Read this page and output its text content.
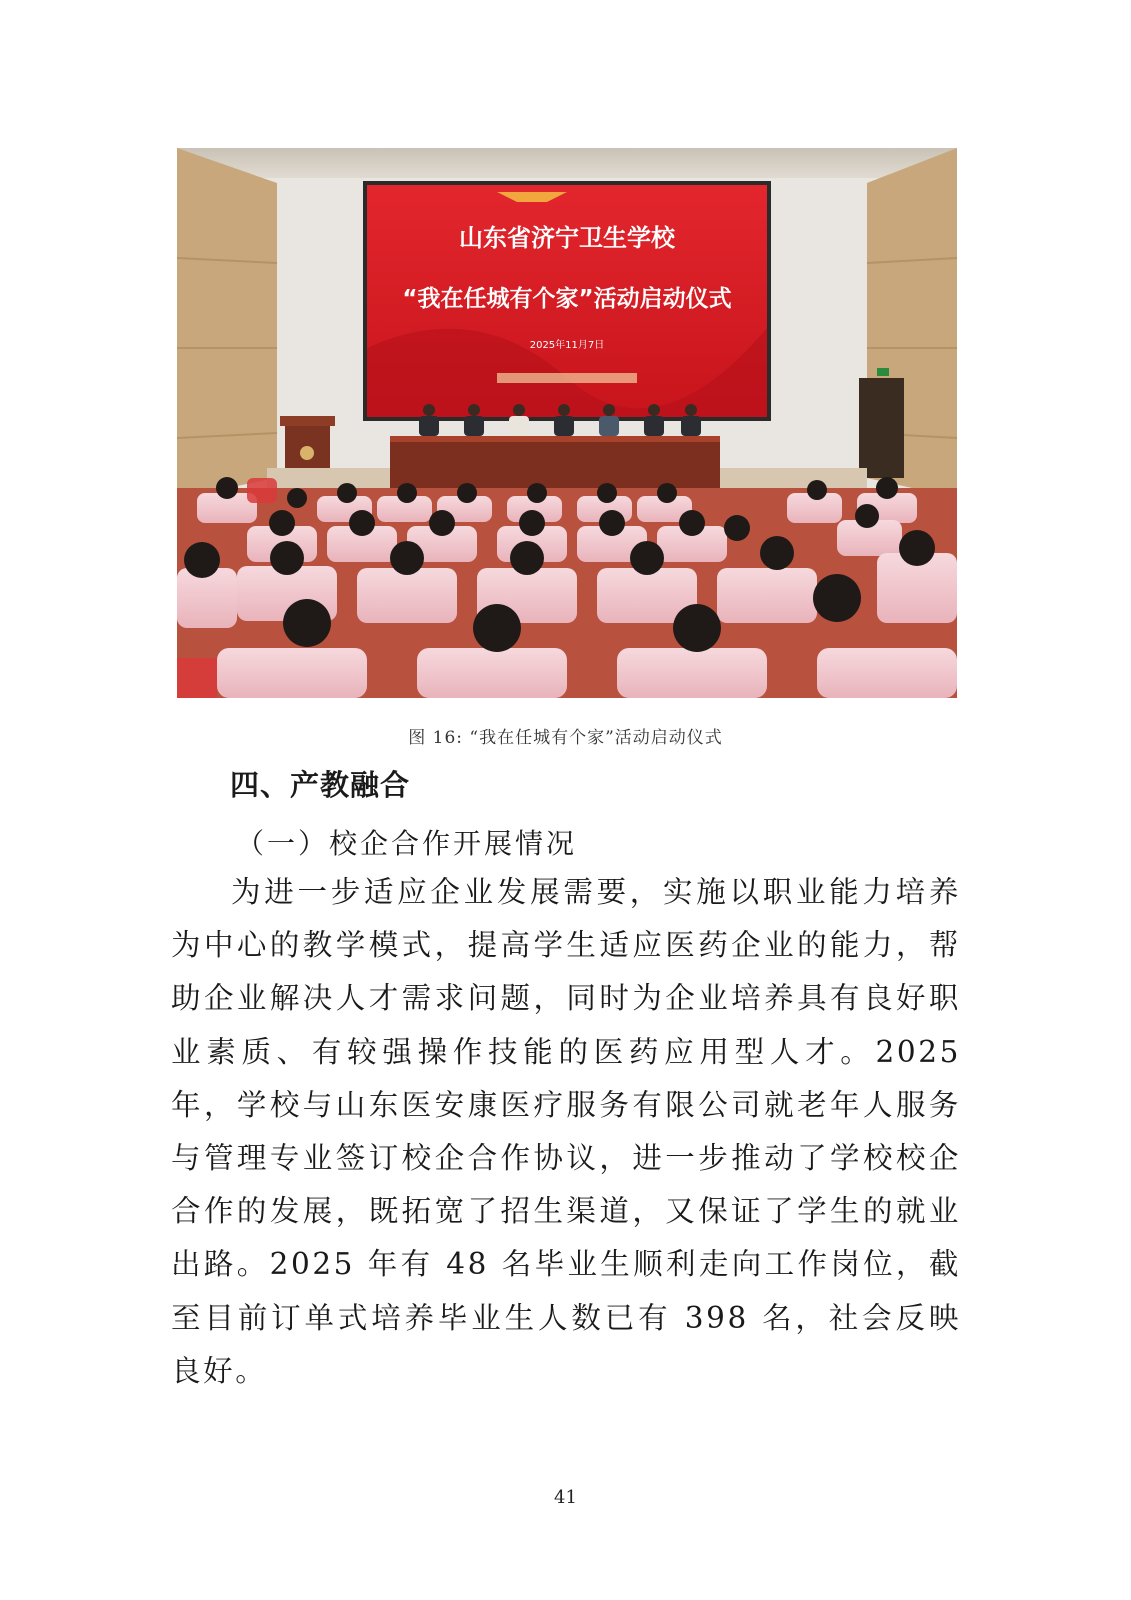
山东省济宁卫生学校
“我在任城有个家”活动启动仪式
2025年11月7日
图 16: “我在任城有个家”活动启动仪式
四、产教融合
（一）校企合作开展情况

为进一步适应企业发展需要，实施以职业能力培养为中心的教学模式，提高学生适应医药企业的能力，帮助企业解决人才需求问题，同时为企业培养具有良好职业素质、有较强操作技能的医药应用型人才。2025 年，学校与山东医安康医疗服务有限公司就老年人服务与管理专业签订校企合作协议，进一步推动了学校校企合作的发展，既拓宽了招生渠道，又保证了学生的就业出路。2025 年有 48 名毕业生顺利走向工作岗位，截至目前订单式培养毕业生人数已有 398 名，社会反映良好。

41
